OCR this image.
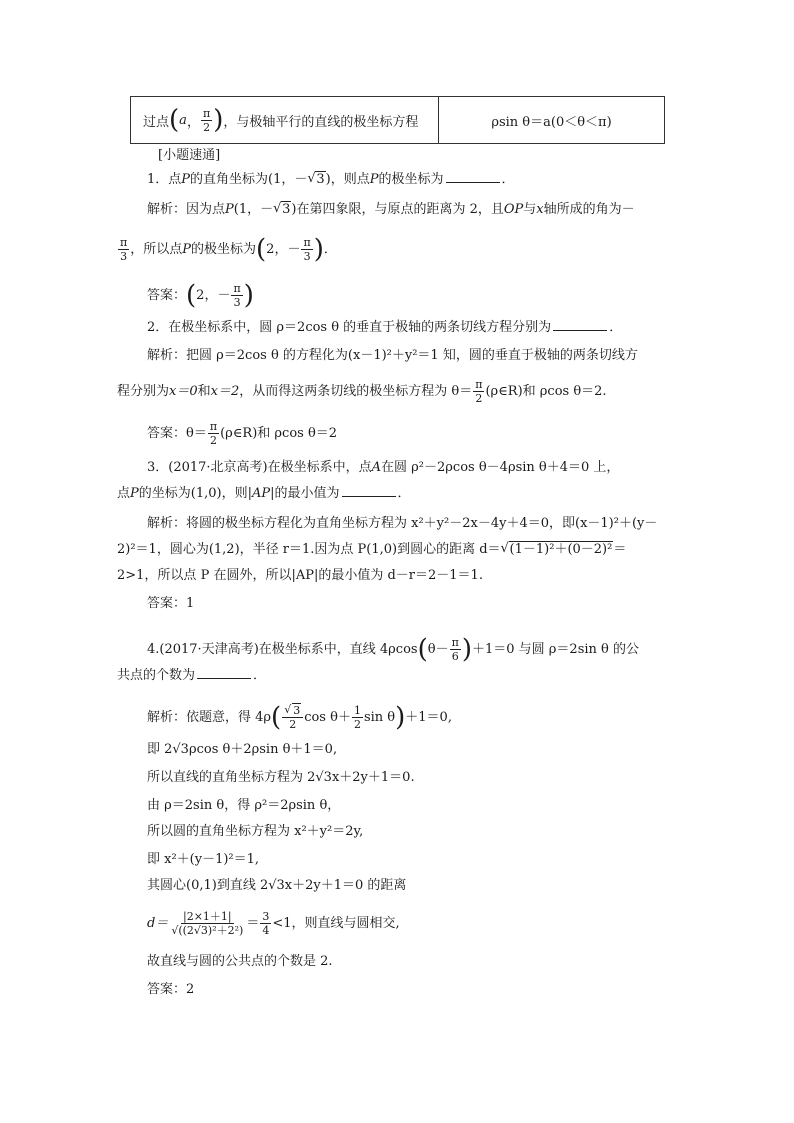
过点 ( a ， $\frac{\pi}{2}$ ) ，与极轴平行的直线的极坐标方程	ρsin θ＝a(0＜θ＜π)
[小题速通]
1．点P的直角坐标为(1，－ √ 3)，则点P的极坐标为	．
解析：因为点P(1，－ √ 3)在第四象限，与原点的距离为 2，且OP与x轴所成的角为－
$\frac{\pi}{3}$ ，所以点P的极坐标为(2，－ $\frac{\pi}{3}$ )．
答案：(2，－ $\frac{\pi}{3}$ )
2．在极坐标系中，圆 ρ＝2cos θ 的垂直于极轴的两条切线方程分别为	．
解析：把圆 ρ＝2cos θ 的方程化为(x－1)²＋y²＝1 知，圆的垂直于极轴的两条切线方
程分别为x＝0和x＝2，从而得这两条切线的极坐标方程为 $\theta= \frac{\pi}{2}$ (ρ∈R)和 ρcos θ＝2.
答案：$\theta= \frac{\pi}{2}$ (ρ∈R)和 ρcos θ＝2
3．(2017·北京高考)在极坐标系中，点A在圆 ρ²－2ρcos θ－4ρsin θ＋4＝0 上，
点P的坐标为(1,0)，则|AP|的最小值为	．
解析：将圆的极坐标方程化为直角坐标方程为 x²＋y²－2x－4y＋4＝0，即(x－1)²＋(y－
2)²＝1，圆心为(1,2)，半径 r＝1.因为点 P(1,0)到圆心的距离 d＝ √ (1－1)²＋(0－2)²＝
2>1，所以点 P 在圆外，所以|AP|的最小值为 d－r＝2－1＝1.
答案：1
4.(2017·天津高考)在极坐标系中，直线 $4\rho\cos(\theta- \frac{\pi}{6} )+1=0$ 与圆 ρ＝2sin θ 的公
共点的个数为	．
解析：依题意，得 4ρ( √ $\frac{3}{2}$ $\cos \theta+ \frac{1}{2}$ sin θ)＋1＝0,
即 2√3ρcos θ＋2ρsin θ＋1＝0,
所以直线的直角坐标方程为 2√3x＋2y＋1＝0.
由 ρ＝2sin θ，得 ρ²＝2ρsin θ，
所以圆的直角坐标方程为 x²＋y²＝2y,
即 x²＋(y－1)²＝1,
其圆心(0,1)到直线 2√3x＋2y＋1＝0 的距离
$d= \frac{|2\times 1+1|}{\text{√((2√3)²＋2²)}} = \frac{3}{4} <1$，则直线与圆相交,
故直线与圆的公共点的个数是 2.
答案：2
